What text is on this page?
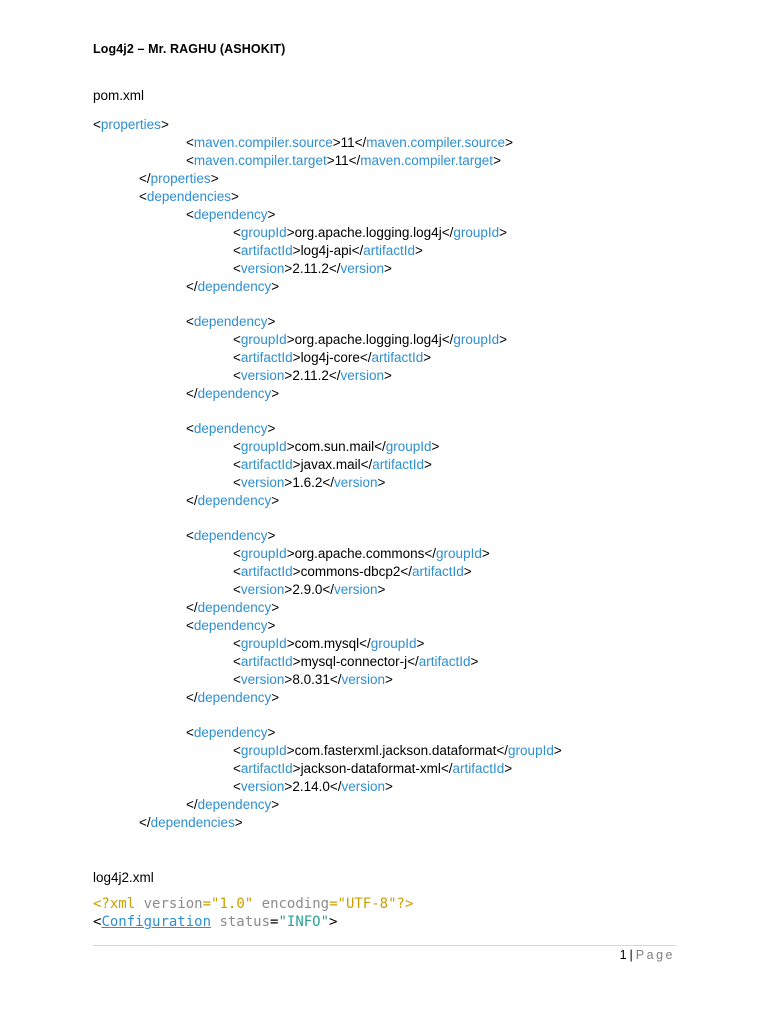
Log4j2 – Mr. RAGHU (ASHOKIT)
pom.xml
<properties>
<maven.compiler.source>11</maven.compiler.source>
<maven.compiler.target>11</maven.compiler.target>
</properties>
<dependencies>
<dependency>
<groupId>org.apache.logging.log4j</groupId>
<artifactId>log4j-api</artifactId>
<version>2.11.2</version>
</dependency>
<dependency>
<groupId>org.apache.logging.log4j</groupId>
<artifactId>log4j-core</artifactId>
<version>2.11.2</version>
</dependency>
<dependency>
<groupId>com.sun.mail</groupId>
<artifactId>javax.mail</artifactId>
<version>1.6.2</version>
</dependency>
<dependency>
<groupId>org.apache.commons</groupId>
<artifactId>commons-dbcp2</artifactId>
<version>2.9.0</version>
</dependency>
<dependency>
<groupId>com.mysql</groupId>
<artifactId>mysql-connector-j</artifactId>
<version>8.0.31</version>
</dependency>
<dependency>
<groupId>com.fasterxml.jackson.dataformat</groupId>
<artifactId>jackson-dataformat-xml</artifactId>
<version>2.14.0</version>
</dependency>
</dependencies>
log4j2.xml
<?xml version="1.0" encoding="UTF-8"?>
<Configuration status="INFO">
1 | Page
